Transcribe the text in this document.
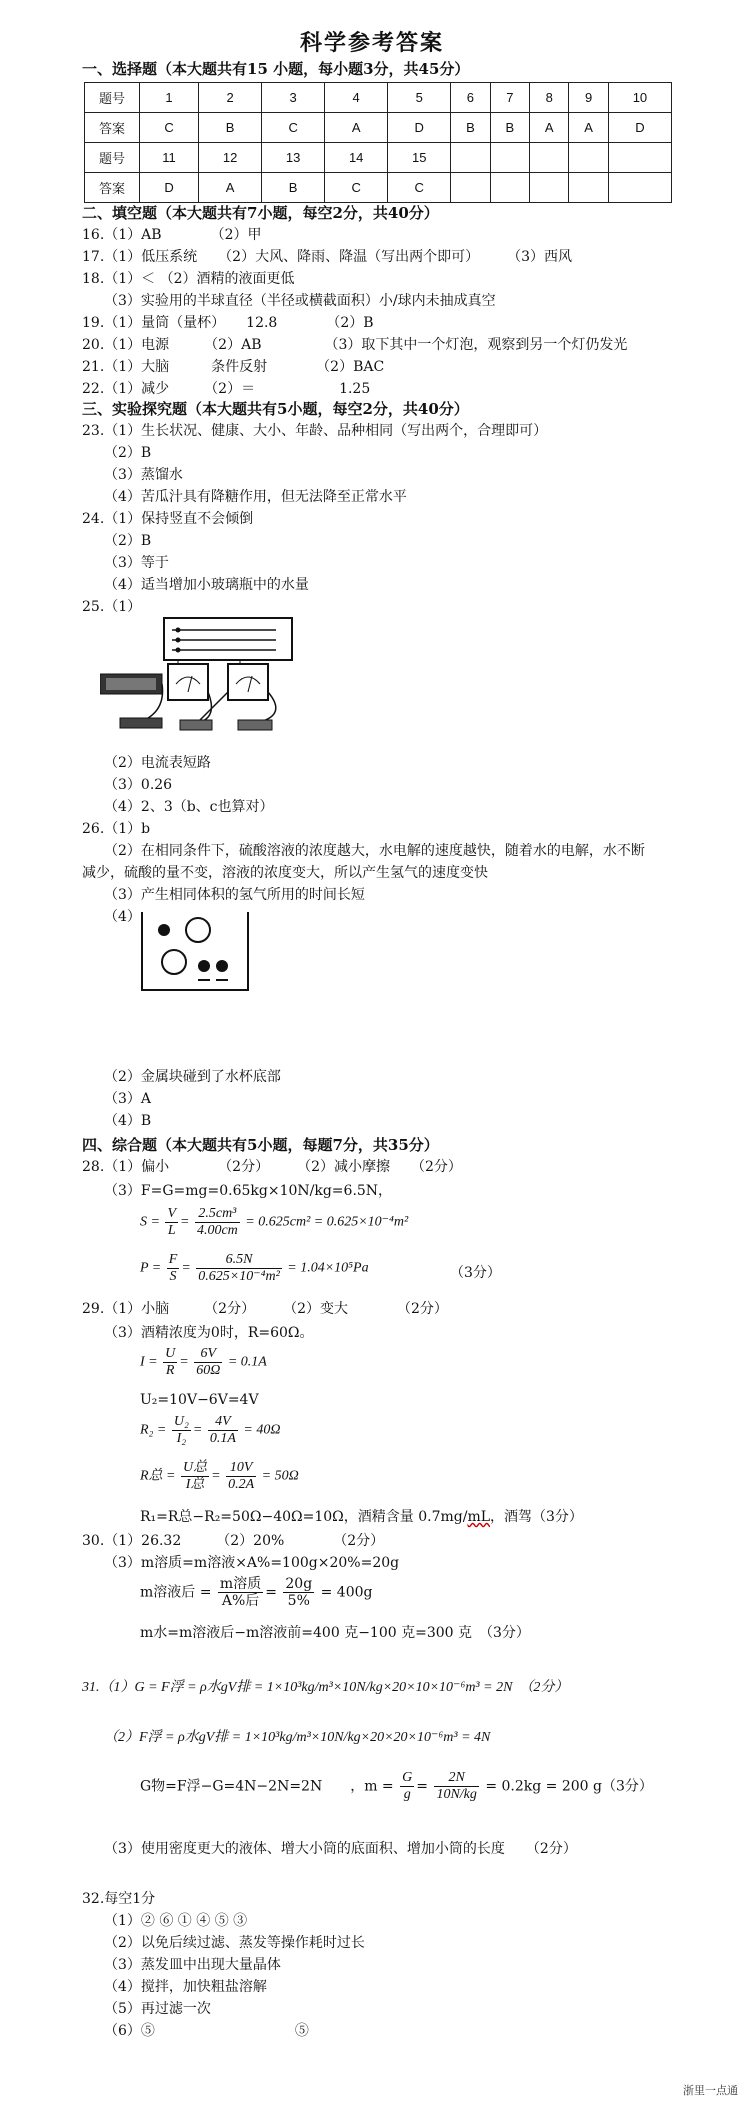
科学参考答案
一、选择题（本大题共有15 小题，每小题3分，共45分）
题号	1	2	3	4	5	6	7	8	9	10
答案	C	B	C	A	D	B	B	A	A	D
题号	11	12	13	14	15					
答案	D	A	B	C	C					
二、填空题（本大题共有7小题，每空2分，共40分）
16.（1）AB　　　　（2）甲
17.（1）低压系统　　（2）大风、降雨、降温（写出两个即可）　　　（3）西风
18.（1）＜ （2）酒精的液面更低
（3）实验用的半球直径（半径或横截面积）小/球内未抽成真空
19.（1）量筒（量杯）　　12.8　　　　（2）B
20.（1）电源　　　（2）AB　　　　　（3）取下其中一个灯泡，观察到另一个灯仍发光
21.（1）大脑　　　条件反射　　　　（2）BAC
22.（1）减少　　　（2）＝　　　　　　1.25
三、实验探究题（本大题共有5小题，每空2分，共40分）
23.（1）生长状况、健康、大小、年龄、品种相同（写出两个，合理即可）
（2）B
（3）蒸馏水
（4）苦瓜汁具有降糖作用，但无法降至正常水平
24.（1）保持竖直不会倾倒
（2）B
（3）等于
（4）适当增加小玻璃瓶中的水量
25.（1）
（2）电流表短路
（3）0.26
（4）2、3（b、c也算对）
26.（1）b
（2）在相同条件下，硫酸溶液的浓度越大，水电解的速度越快，随着水的电解，水不断
减少，硫酸的量不变，溶液的浓度变大，所以产生氢气的速度变快
（3）产生相同体积的氢气所用的时间长短
（4）
（2）金属块碰到了水杯底部
（3）A
（4）B
四、综合题（本大题共有5小题，每题7分，共35分）
28.（1）偏小　　　　（2分）　　　（2）减小摩擦　　（2分）
（3）F=G=mg=0.65kg×10N/kg=6.5N，
$S = \frac{V}{L} = \frac{\text{2.5cm³}}{4.00cm} = 0.625cm^2 = 0.625\times 10^{-4}m^2$
$P = \frac{F}{S} = \frac{6.5N}{\text{0.625×10⁻⁴m²}} = 1.04\times 10^5Pa$	（3分）
29.（1）小脑　　　（2分）　　　（2）变大　　　　（2分）
（3）酒精浓度为0时，R=60Ω。
$I = \frac{U}{R} = \frac{6V}{60\Omega} = 0.1A$
U₂=10V−6V=4V
$R_2 = \frac{\text{U₂}}{\text{I₂}} = \frac{4V}{0.1A} = 40\Omega$
R总 = $\frac{\text{U总}}{\text{I总}} = \frac{10V}{0.2A} = 50\Omega$
R₁=R总−R₂=50Ω−40Ω=10Ω，酒精含量 0.7mg/mL，酒驾（3分）
30.（1）26.32　　　（2）20%　　　　（2分）
（3）m溶质=m溶液×A%=100g×20%=20g
m溶液后 = $\frac{\text{m溶质}}{\text{A\%后}} = \frac{20g}{5\%} = 400g$
m水=m溶液后−m溶液前=400 克−100 克=300 克　（3分）
31.（1）G = F浮 = ρ水gV排 = 1×10³kg/m³×10N/kg×20×10×10⁻⁶m³ = 2N　（2分）
（2）F浮 = ρ水gV排 = 1×10³kg/m³×10N/kg×20×20×10⁻⁶m³ = 4N
G物=F浮−G=4N−2N=2N　　，$m = \frac{G}{g} = \frac{2N}{10N/kg} = 0.2kg = 200$ g（3分）
（3）使用密度更大的液体、增大小筒的底面积、增加小筒的长度　　（2分）
32.每空1分
（1）② ⑥ ① ④ ⑤ ③
（2）以免后续过滤、蒸发等操作耗时过长
（3）蒸发皿中出现大量晶体
（4）搅拌，加快粗盐溶解
（5）再过滤一次
（6）⑤　　　　　　　　　　⑤
浙里一点通
